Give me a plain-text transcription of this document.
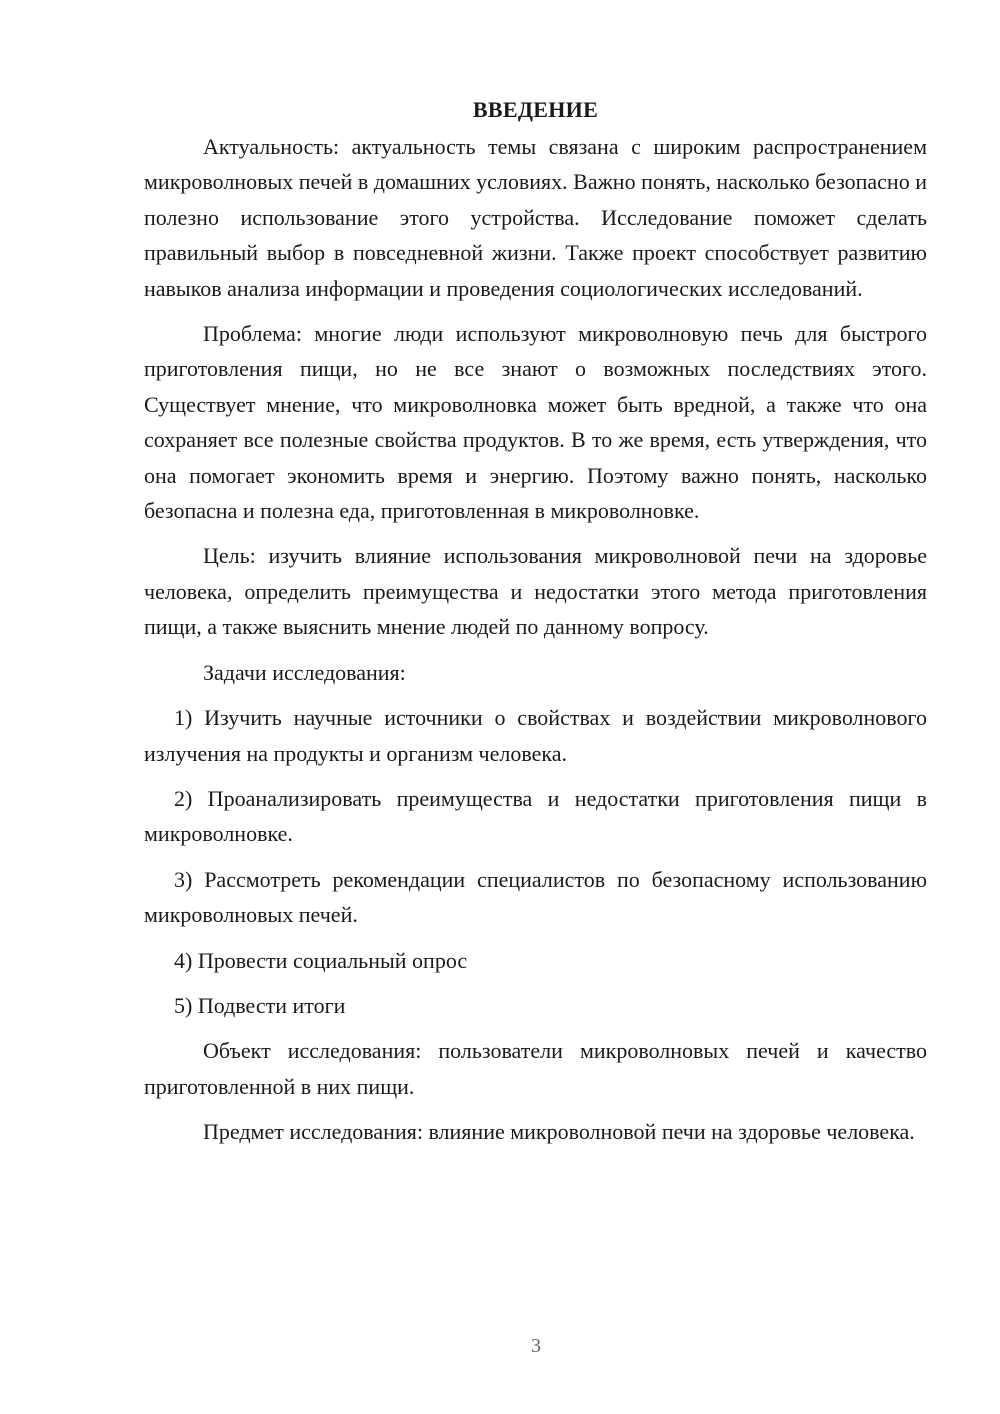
ВВЕДЕНИЕ

Актуальность: актуальность темы связана с широким распространением микроволновых печей в домашних условиях. Важно понять, насколько безопасно и полезно использование этого устройства. Исследование поможет сделать правильный выбор в повседневной жизни. Также проект способствует развитию навыков анализа информации и проведения социологических исследований.

Проблема: многие люди используют микроволновую печь для быстрого приготовления пищи, но не все знают о возможных последствиях этого. Существует мнение, что микроволновка может быть вредной, а также что она сохраняет все полезные свойства продуктов. В то же время, есть утверждения, что она помогает экономить время и энергию. Поэтому важно понять, насколько безопасна и полезна еда, приготовленная в микроволновке.

Цель: изучить влияние использования микроволновой печи на здоровье человека, определить преимущества и недостатки этого метода приготовления пищи, а также выяснить мнение людей по данному вопросу.

Задачи исследования:

1) Изучить научные источники о свойствах и воздействии микроволнового излучения на продукты и организм человека.

2) Проанализировать преимущества и недостатки приготовления пищи в микроволновке.

3) Рассмотреть рекомендации специалистов по безопасному использованию микроволновых печей.

4) Провести социальный опрос

5) Подвести итоги

Объект исследования: пользователи микроволновых печей и качество приготовленной в них пищи.

Предмет исследования: влияние микроволновой печи на здоровье человека.

3
